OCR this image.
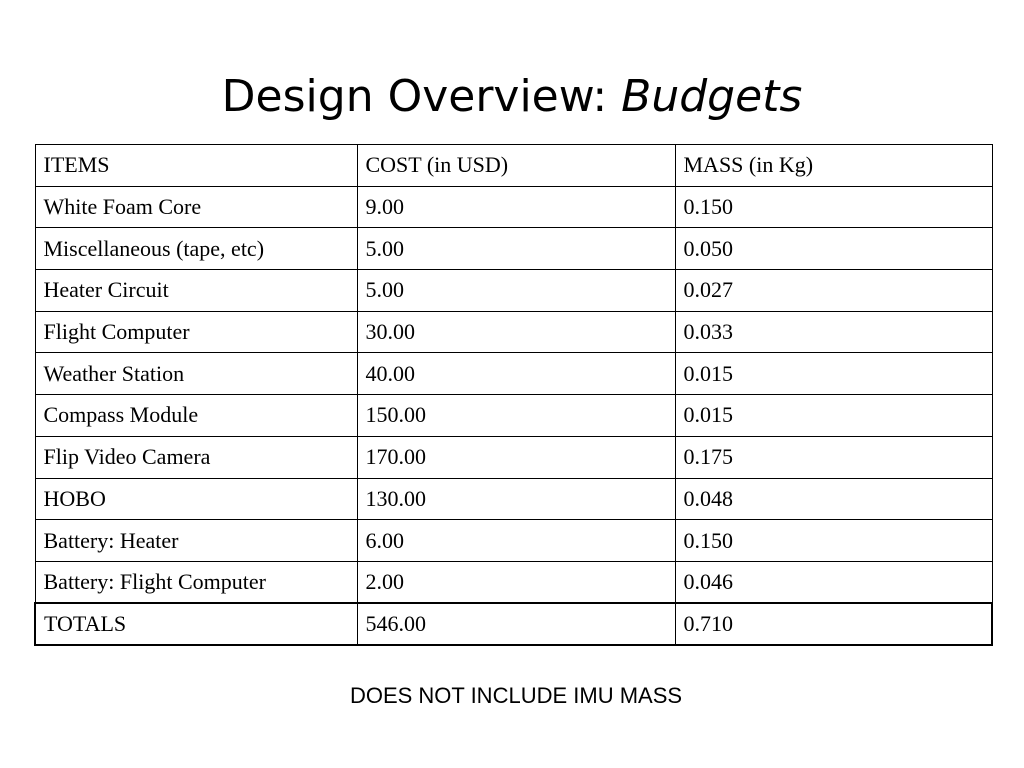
Design Overview: Budgets
ITEMS	COST (in USD)	MASS (in Kg)
White Foam Core	9.00	0.150
Miscellaneous (tape, etc)	5.00	0.050
Heater Circuit	5.00	0.027
Flight Computer	30.00	0.033
Weather Station	40.00	0.015
Compass Module	150.00	0.015
Flip Video Camera	170.00	0.175
HOBO	130.00	0.048
Battery: Heater	6.00	0.150
Battery: Flight Computer	2.00	0.046
TOTALS	546.00	0.710
DOES NOT INCLUDE IMU MASS
